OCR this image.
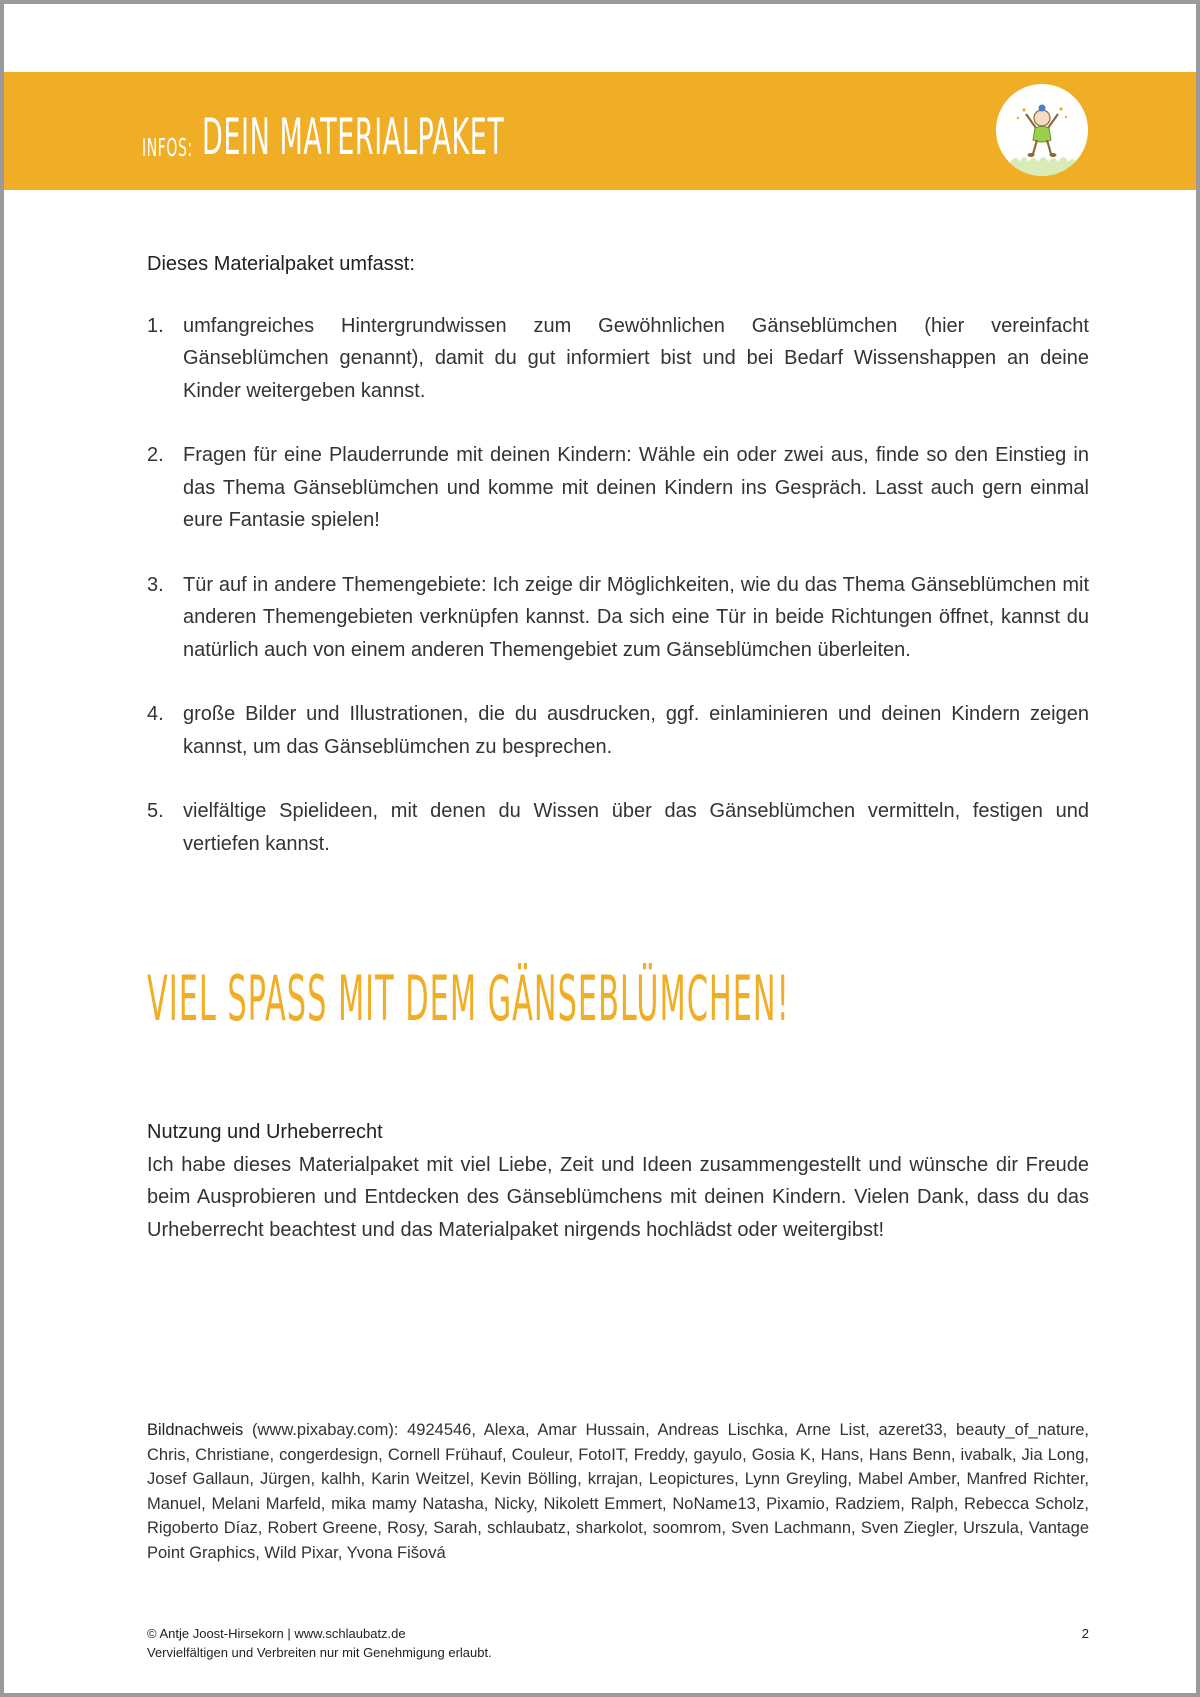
INFOS: DEIN MATERIALPAKET

Dieses Materialpaket umfasst:

1. umfangreiches Hintergrundwissen zum Gewöhnlichen Gänseblümchen (hier vereinfacht Gänseblümchen genannt), damit du gut informiert bist und bei Bedarf Wissenshappen an deine Kinder weitergeben kannst.
2. Fragen für eine Plauderrunde mit deinen Kindern: Wähle ein oder zwei aus, finde so den Einstieg in das Thema Gänseblümchen und komme mit deinen Kindern ins Gespräch. Lasst auch gern einmal eure Fantasie spielen!
3. Tür auf in andere Themengebiete: Ich zeige dir Möglichkeiten, wie du das Thema Gänseblümchen mit anderen Themengebieten verknüpfen kannst. Da sich eine Tür in beide Richtungen öffnet, kannst du natürlich auch von einem anderen Themengebiet zum Gänseblümchen überleiten.
4. große Bilder und Illustrationen, die du ausdrucken, ggf. einlaminieren und deinen Kindern zeigen kannst, um das Gänseblümchen zu besprechen.
5. vielfältige Spielideen, mit denen du Wissen über das Gänseblümchen vermitteln, festigen und vertiefen kannst.
VIEL SPASS MIT DEM GÄNSEBLÜMCHEN!

Nutzung und Urheberrecht

Ich habe dieses Materialpaket mit viel Liebe, Zeit und Ideen zusammengestellt und wünsche dir Freude beim Ausprobieren und Entdecken des Gänseblümchens mit deinen Kindern. Vielen Dank, dass du das Urheberrecht beachtest und das Materialpaket nirgends hochlädst oder weitergibst!

Bildnachweis (www.pixabay.com): 4924546, Alexa, Amar Hussain, Andreas Lischka, Arne List, azeret33, beauty_of_nature, Chris, Christiane, congerdesign, Cornell Frühauf, Couleur, FotoIT, Freddy, gayulo, Gosia K, Hans, Hans Benn, ivabalk, Jia Long, Josef Gallaun, Jürgen, kalhh, Karin Weitzel, Kevin Bölling, krrajan, Leopictures, Lynn Greyling, Mabel Amber, Manfred Richter, Manuel, Melani Marfeld, mika mamy Natasha, Nicky, Nikolett Emmert, NoName13, Pixamio, Radziem, Ralph, Rebecca Scholz, Rigoberto Díaz, Robert Greene, Rosy, Sarah, schlaubatz, sharkolot, soomrom, Sven Lachmann, Sven Ziegler, Urszula, Vantage Point Graphics, Wild Pixar, Yvona Fišová
© Antje Joost-Hirsekorn | www.schlaubatz.de
Vervielfältigen und Verbreiten nur mit Genehmigung erlaubt.
2
